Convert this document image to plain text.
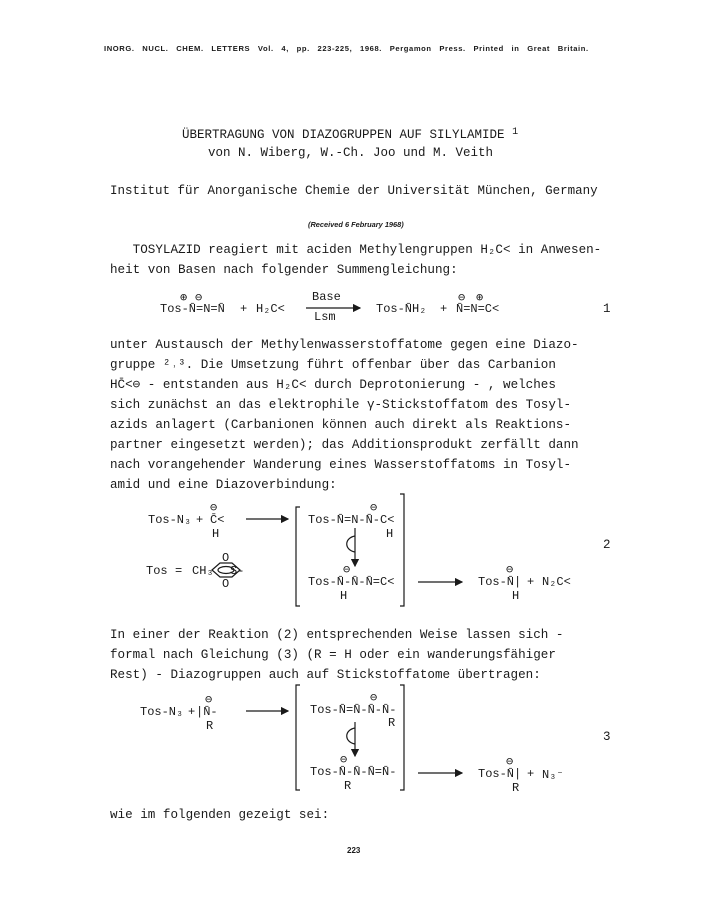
INORG. NUCL. CHEM. LETTERS Vol. 4, pp. 223-225, 1968. Pergamon Press. Printed in Great Britain.
ÜBERTRAGUNG VON DIAZOGRUPPEN AUF SILYLAMIDE $^1$
von N. Wiberg, W.-Ch. Joo und M. Veith
Institut für Anorganische Chemie der Universität München, Germany
(Received 6 February 1968)
TOSYLAZID reagiert mit aciden Methylengruppen H₂C< in Anwesen-
heit von Basen nach folgender Summengleichung:
⊕ ⊖	⊖ ⊕
Tos-N̄=N=N̄ + H₂C<
Base
Lsm
Tos-N̄H₂ + N̄=N=C<	1
unter Austausch der Methylenwasserstoffatome gegen eine Diazo-
gruppe ²˒³. Die Umsetzung führt offenbar über das Carbanion
HC̄<⊖ - entstanden aus H₂C< durch Deprotonierung - , welches
sich zunächst an das elektrophile γ-Stickstoffatom des Tosyl-
azids anlagert (Carbanionen können auch direkt als Reaktions-
partner eingesetzt werden); das Additionsprodukt zerfällt dann
nach vorangehender Wanderung eines Wasserstoffatoms in Tosyl-
amid und eine Diazoverbindung:
⊖	⊖
Tos-N₃ + C̄<
H
Tos-N̄=N-N̄-C<
H
2
O
Tos = CH₃ S-
O
⊖	⊖
Tos-N̄-N̄-N̄=C<
H
Tos-N̄| + N₂C<
H
In einer der Reaktion (2) entsprechenden Weise lassen sich -
formal nach Gleichung (3) (R = H oder ein wanderungsfähiger
Rest) - Diazogruppen auch auf Stickstoffatome übertragen:
⊖	⊖
Tos-N₃ + |N̄-
R
Tos-N̄=N̄-N̄-N̄-
R
3
⊖	⊖
Tos-N̄-N̄-N̄=N̄-
R
Tos-N̄| + N₃⁻
R
wie im folgenden gezeigt sei:
223
